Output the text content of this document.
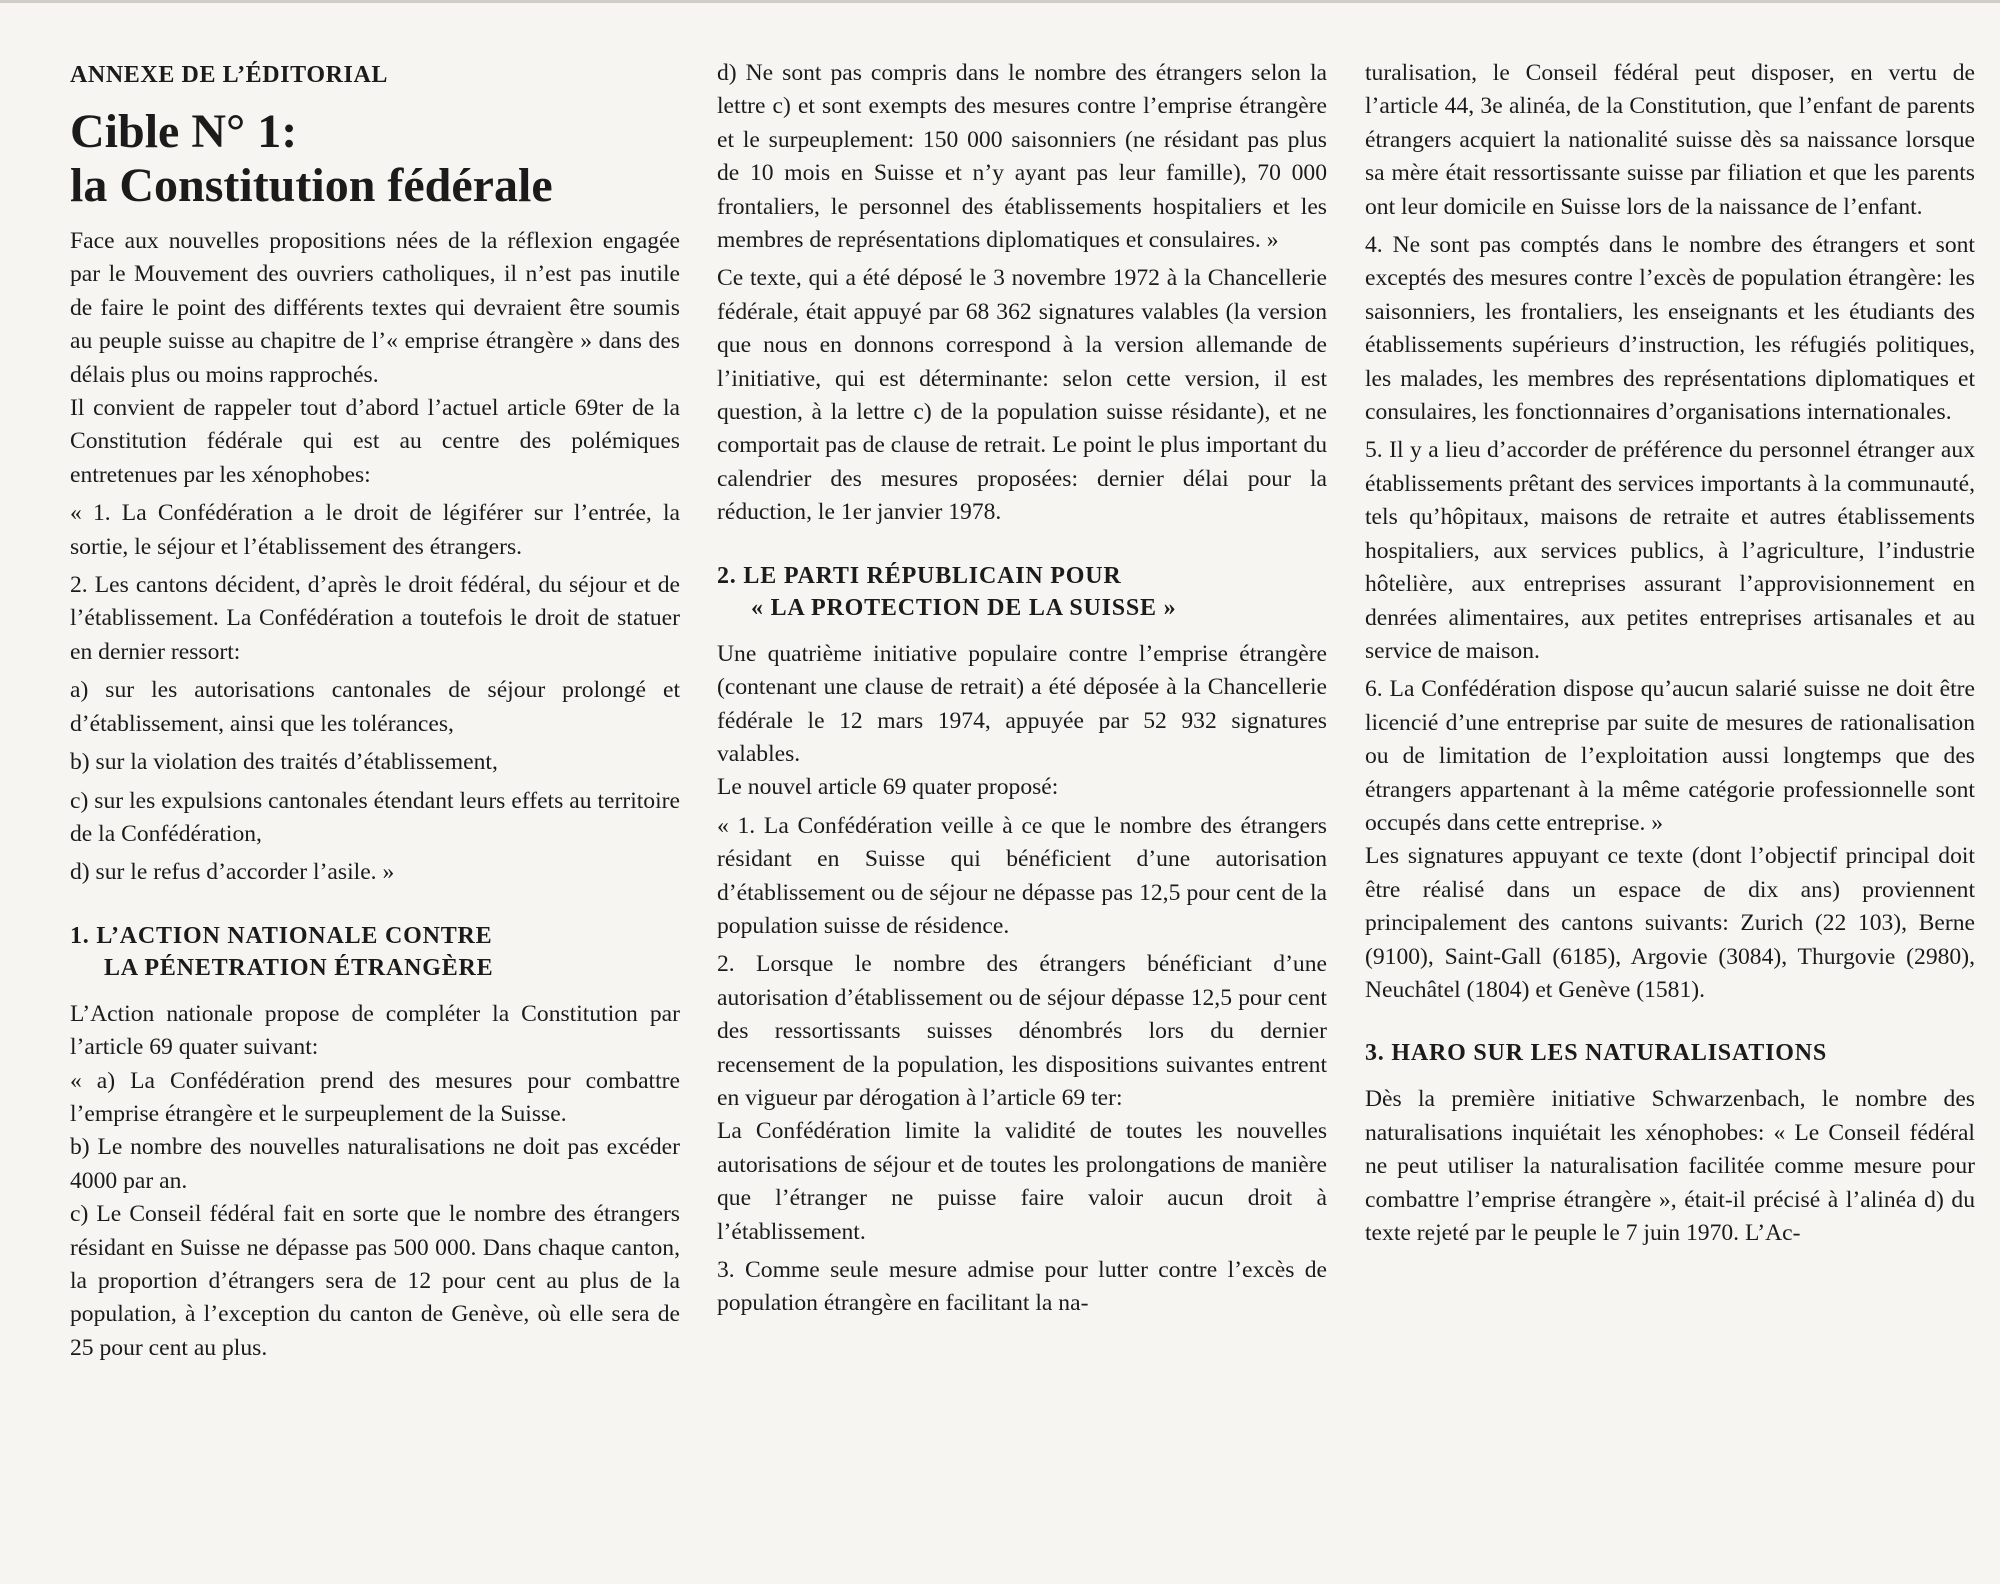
ANNEXE DE L’ÉDITORIAL
Cible N° 1:
la Constitution fédérale

Face aux nouvelles propositions nées de la réflexion engagée par le Mouvement des ouvriers catholiques, il n’est pas inutile de faire le point des différents textes qui devraient être soumis au peuple suisse au chapitre de l’« emprise étrangère » dans des délais plus ou moins rapprochés.

Il convient de rappeler tout d’abord l’actuel article 69ter de la Constitution fédérale qui est au centre des polémiques entretenues par les xénophobes:

« 1. La Confédération a le droit de légiférer sur l’entrée, la sortie, le séjour et l’établissement des étrangers.

2. Les cantons décident, d’après le droit fédéral, du séjour et de l’établissement. La Confédération a toutefois le droit de statuer en dernier ressort:

a) sur les autorisations cantonales de séjour prolongé et d’établissement, ainsi que les tolérances,

b) sur la violation des traités d’établissement,

c) sur les expulsions cantonales étendant leurs effets au territoire de la Confédération,

d) sur le refus d’accorder l’asile. »

1. L’ACTION NATIONALE CONTRE
LA PÉNETRATION ÉTRANGÈRE

L’Action nationale propose de compléter la Constitution par l’article 69 quater suivant:

« a) La Confédération prend des mesures pour combattre l’emprise étrangère et le surpeuplement de la Suisse.

b) Le nombre des nouvelles naturalisations ne doit pas excéder 4000 par an.

c) Le Conseil fédéral fait en sorte que le nombre des étrangers résidant en Suisse ne dépasse pas 500 000. Dans chaque canton, la proportion d’étrangers sera de 12 pour cent au plus de la population, à l’exception du canton de Genève, où elle sera de 25 pour cent au plus.

d) Ne sont pas compris dans le nombre des étrangers selon la lettre c) et sont exempts des mesures contre l’emprise étrangère et le surpeuplement: 150 000 saisonniers (ne résidant pas plus de 10 mois en Suisse et n’y ayant pas leur famille), 70 000 frontaliers, le personnel des établissements hospitaliers et les membres de représentations diplomatiques et consulaires. »

Ce texte, qui a été déposé le 3 novembre 1972 à la Chancellerie fédérale, était appuyé par 68 362 signatures valables (la version que nous en donnons correspond à la version allemande de l’initiative, qui est déterminante: selon cette version, il est question, à la lettre c) de la population suisse résidante), et ne comportait pas de clause de retrait. Le point le plus important du calendrier des mesures proposées: dernier délai pour la réduction, le 1er janvier 1978.

2. LE PARTI RÉPUBLICAIN POUR
« LA PROTECTION DE LA SUISSE »

Une quatrième initiative populaire contre l’emprise étrangère (contenant une clause de retrait) a été déposée à la Chancellerie fédérale le 12 mars 1974, appuyée par 52 932 signatures valables.

Le nouvel article 69 quater proposé:

« 1. La Confédération veille à ce que le nombre des étrangers résidant en Suisse qui bénéficient d’une autorisation d’établissement ou de séjour ne dépasse pas 12,5 pour cent de la population suisse de résidence.

2. Lorsque le nombre des étrangers bénéficiant d’une autorisation d’établissement ou de séjour dépasse 12,5 pour cent des ressortissants suisses dénombrés lors du dernier recensement de la population, les dispositions suivantes entrent en vigueur par dérogation à l’article 69 ter:

La Confédération limite la validité de toutes les nouvelles autorisations de séjour et de toutes les prolongations de manière que l’étranger ne puisse faire valoir aucun droit à l’établissement.

3. Comme seule mesure admise pour lutter contre l’excès de population étrangère en facilitant la na-

turalisation, le Conseil fédéral peut disposer, en vertu de l’article 44, 3e alinéa, de la Constitution, que l’enfant de parents étrangers acquiert la nationalité suisse dès sa naissance lorsque sa mère était ressortissante suisse par filiation et que les parents ont leur domicile en Suisse lors de la naissance de l’enfant.

4. Ne sont pas comptés dans le nombre des étrangers et sont exceptés des mesures contre l’excès de population étrangère: les saisonniers, les frontaliers, les enseignants et les étudiants des établissements supérieurs d’instruction, les réfugiés politiques, les malades, les membres des représentations diplomatiques et consulaires, les fonctionnaires d’organisations internationales.

5. Il y a lieu d’accorder de préférence du personnel étranger aux établissements prêtant des services importants à la communauté, tels qu’hôpitaux, maisons de retraite et autres établissements hospitaliers, aux services publics, à l’agriculture, l’industrie hôtelière, aux entreprises assurant l’approvisionnement en denrées alimentaires, aux petites entreprises artisanales et au service de maison.

6. La Confédération dispose qu’aucun salarié suisse ne doit être licencié d’une entreprise par suite de mesures de rationalisation ou de limitation de l’exploitation aussi longtemps que des étrangers appartenant à la même catégorie professionnelle sont occupés dans cette entreprise. »

Les signatures appuyant ce texte (dont l’objectif principal doit être réalisé dans un espace de dix ans) proviennent principalement des cantons suivants: Zurich (22 103), Berne (9100), Saint-Gall (6185), Argovie (3084), Thurgovie (2980), Neuchâtel (1804) et Genève (1581).

3. HARO SUR LES NATURALISATIONS

Dès la première initiative Schwarzenbach, le nombre des naturalisations inquiétait les xénophobes: « Le Conseil fédéral ne peut utiliser la naturalisation facilitée comme mesure pour combattre l’emprise étrangère », était-il précisé à l’alinéa d) du texte rejeté par le peuple le 7 juin 1970. L’Ac-
